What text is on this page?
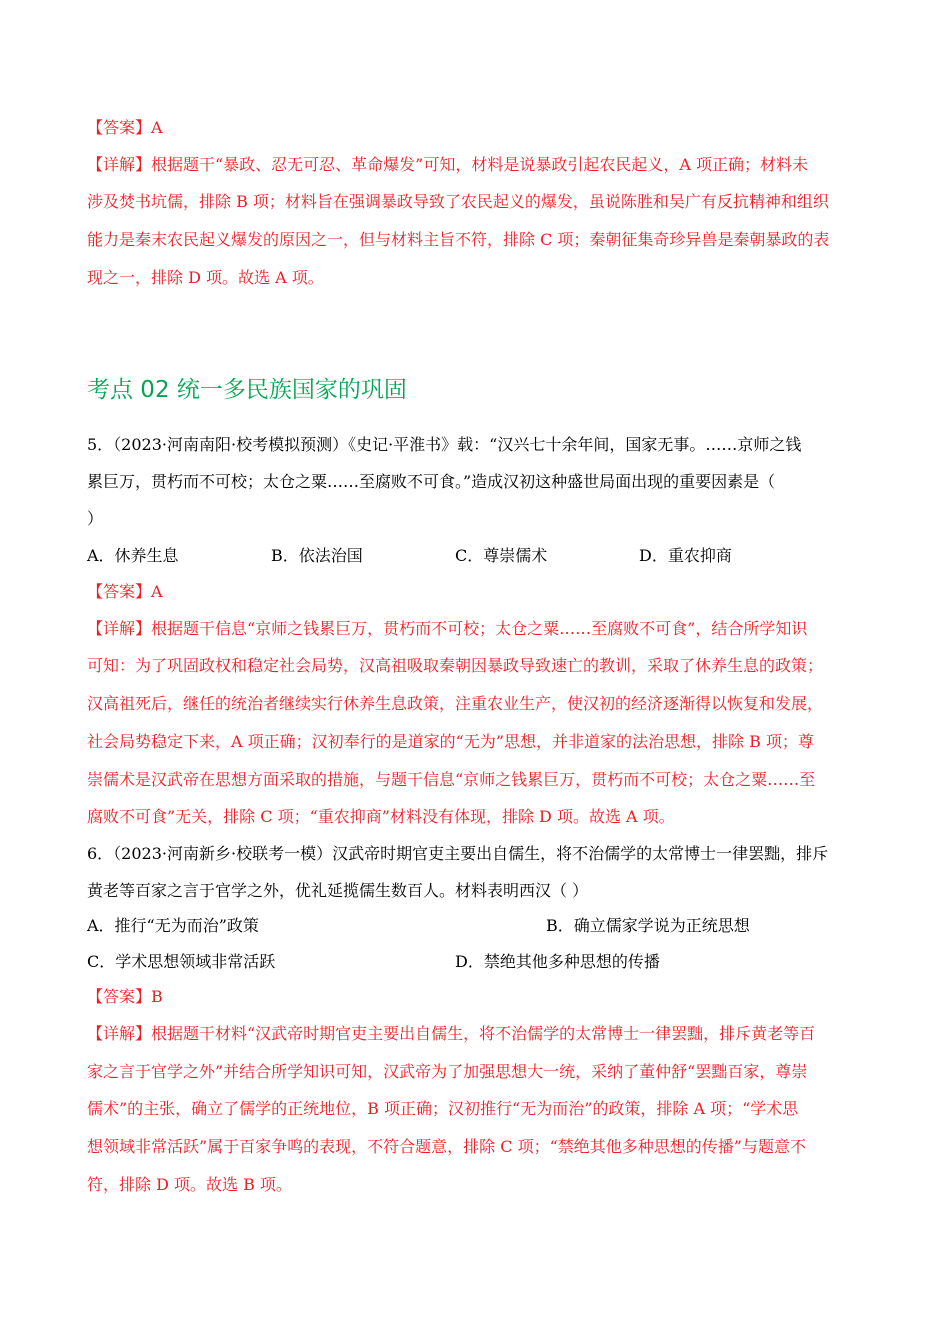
【答案】A
【详解】根据题干“暴政、忍无可忍、革命爆发”可知，材料是说暴政引起农民起义，A 项正确；材料未
涉及焚书坑儒，排除 B 项；材料旨在强调暴政导致了农民起义的爆发，虽说陈胜和吴广有反抗精神和组织
能力是秦末农民起义爆发的原因之一，但与材料主旨不符，排除 C 项；秦朝征集奇珍异兽是秦朝暴政的表
现之一，排除 D 项。故选 A 项。
考点 02 统一多民族国家的巩固
5．（2023·河南南阳·校考模拟预测）《史记·平淮书》载：“汉兴七十余年间，国家无事。……京师之钱
累巨万，贯朽而不可校；太仓之粟……至腐败不可食。”造成汉初这种盛世局面出现的重要因素是（
）
A．休养生息	B．依法治国	C．尊崇儒术	D．重农抑商
【答案】A
【详解】根据题干信息“京师之钱累巨万，贯朽而不可校；太仓之粟……至腐败不可食”，结合所学知识
可知：为了巩固政权和稳定社会局势，汉高祖吸取秦朝因暴政导致速亡的教训，采取了休养生息的政策；
汉高祖死后，继任的统治者继续实行休养生息政策，注重农业生产，使汉初的经济逐渐得以恢复和发展，
社会局势稳定下来，A 项正确；汉初奉行的是道家的“无为”思想，并非道家的法治思想，排除 B 项；尊
崇儒术是汉武帝在思想方面采取的措施，与题干信息“京师之钱累巨万，贯朽而不可校；太仓之粟……至
腐败不可食”无关，排除 C 项；“重农抑商”材料没有体现，排除 D 项。故选 A 项。
6．（2023·河南新乡·校联考一模）汉武帝时期官吏主要出自儒生，将不治儒学的太常博士一律罢黜，排斥
黄老等百家之言于官学之外，优礼延揽儒生数百人。材料表明西汉（ ）
A．推行“无为而治”政策	B．确立儒家学说为正统思想
C．学术思想领域非常活跃	D．禁绝其他多种思想的传播
【答案】B
【详解】根据题干材料“汉武帝时期官吏主要出自儒生，将不治儒学的太常博士一律罢黜，排斥黄老等百
家之言于官学之外”并结合所学知识可知，汉武帝为了加强思想大一统，采纳了董仲舒“罢黜百家，尊崇
儒术”的主张，确立了儒学的正统地位，B 项正确；汉初推行“无为而治”的政策，排除 A 项；“学术思
想领域非常活跃”属于百家争鸣的表现，不符合题意，排除 C 项；“禁绝其他多种思想的传播”与题意不
符，排除 D 项。故选 B 项。
